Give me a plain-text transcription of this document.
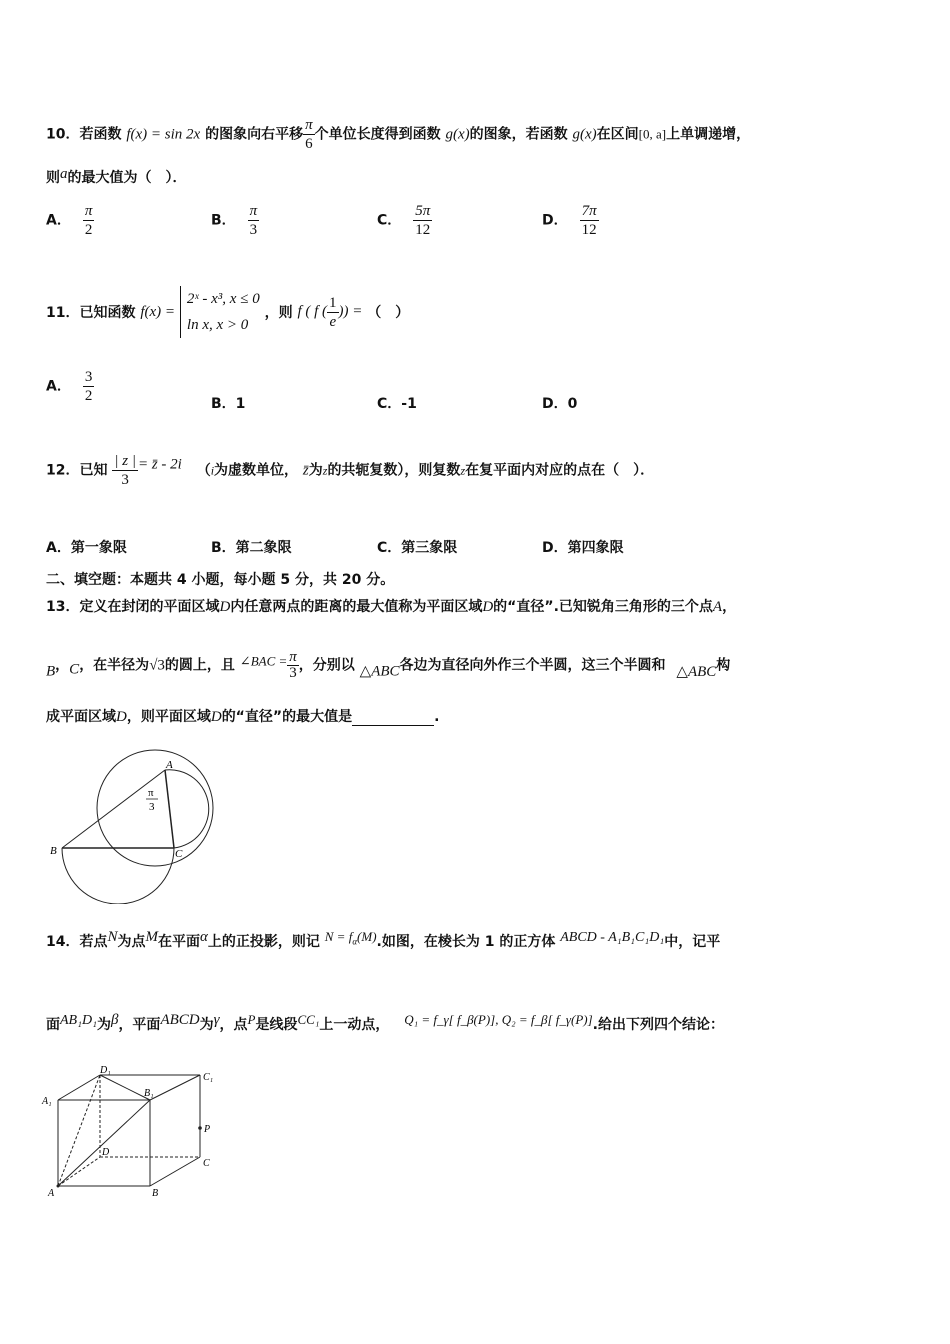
10．若函数 f(x) = sin 2x 的图象向右平移 $\frac{\pi}{6}$ 个单位长度得到函数 g(x)的图象，若函数 g(x)在区间[0, a]上单调递增，
则a的最大值为（　）．
A． $\frac{\pi}{2}$	B． $\frac{\pi}{3}$	C． $\frac{5\pi}{12}$	D． $\frac{7\pi}{12}$
11．已知函数 f(x) =
2ˣ - x³, x ≤ 0
ln x, x > 0
，则 f ( f ( $\frac{1}{e}$ )) = （　）
A． $\frac{3}{2}$	B．1	C．-1	D．0
12．已知 $\frac{| z |}{3}$ = z̄ - 2i （i为虚数单位， z̄为z的共轭复数），则复数z在复平面内对应的点在（　）．
A．第一象限	B．第二象限	C．第三象限	D．第四象限
二、填空题：本题共 4 小题，每小题 5 分，共 20 分。
13．定义在封闭的平面区域D内任意两点的距离的最大值称为平面区域D的“直径”.已知锐角三角形的三个点A，
B，C，在半径为√3的圆上，且 ∠BAC = $\frac{\pi}{3}$ ，分别以 △ABC各边为直径向外作三个半圆，这三个半圆和 △ABC构
成平面区域D，则平面区域D的“直径”的最大值是	.
A
B	C
π
3
14．若点N为点M在平面α上的正投影，则记 $N = f_\alpha(M)$.如图，在棱长为 1 的正方体 ABCD - A₁B₁C₁D₁中，记平
面AB₁D₁为β，平面ABCD为γ，点P是线段CC₁上一动点， Q₁ = f_γ[ f_β(P)], Q₂ = f_β[ f_γ(P)].给出下列四个结论：
A	B
C
D
A₁
B₁
C₁
D₁
P
